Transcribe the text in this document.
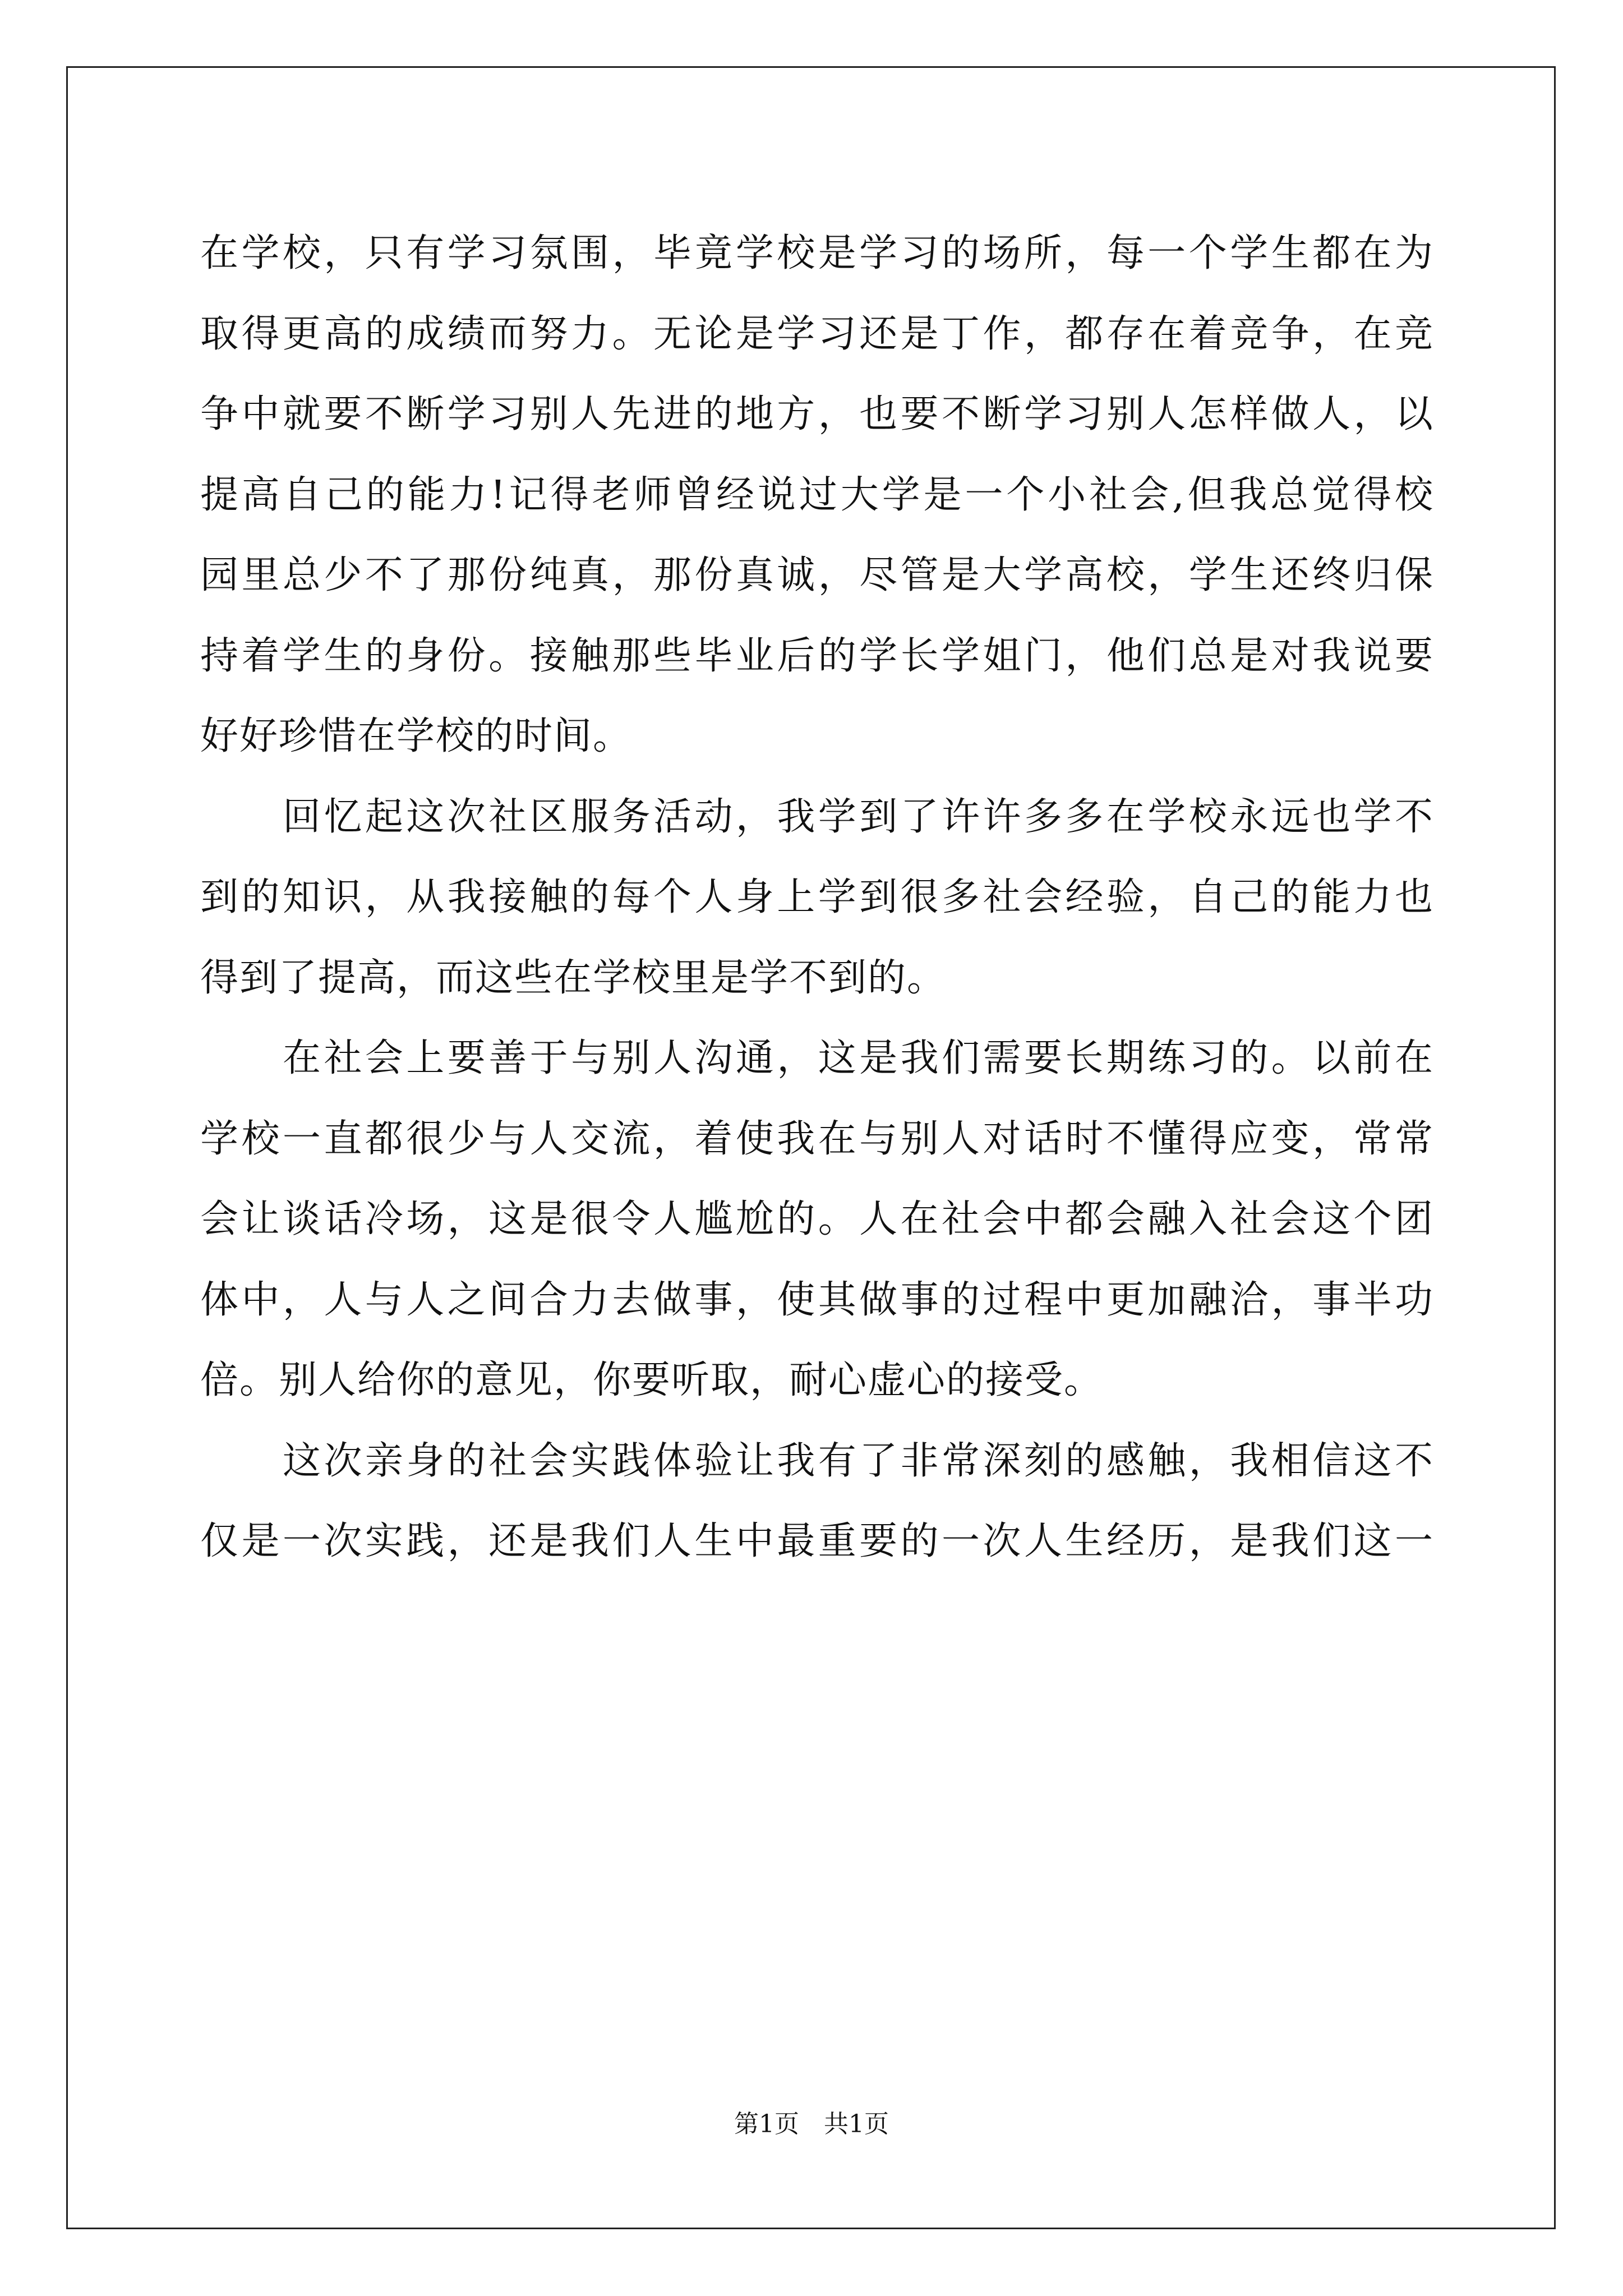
在学校，只有学习氛围，毕竟学校是学习的场所，每一个学生都在为
取得更高的成绩而努力。无论是学习还是丁作，都存在着竞争，在竞
争中就要不断学习别人先进的地方，也要不断学习别人怎样做人，以
提高自己的能力!记得老师曾经说过大学是一个小社会,但我总觉得校
园里总少不了那份纯真，那份真诚，尽管是大学高校，学生还终归保
持着学生的身份。接触那些毕业后的学长学姐门，他们总是对我说要
好好珍惜在学校的时间。

回忆起这次社区服务活动，我学到了许许多多在学校永远也学不
到的知识，从我接触的每个人身上学到很多社会经验，自己的能力也
得到了提高，而这些在学校里是学不到的。

在社会上要善于与别人沟通，这是我们需要长期练习的。以前在
学校一直都很少与人交流，着使我在与别人对话时不懂得应变，常常
会让谈话冷场，这是很令人尴尬的。人在社会中都会融入社会这个团
体中，人与人之间合力去做事，使其做事的过程中更加融洽，事半功
倍。别人给你的意见，你要听取，耐心虚心的接受。

这次亲身的社会实践体验让我有了非常深刻的感触，我相信这不
仅是一次实践，还是我们人生中最重要的一次人生经历，是我们这一

第1页 共1页
